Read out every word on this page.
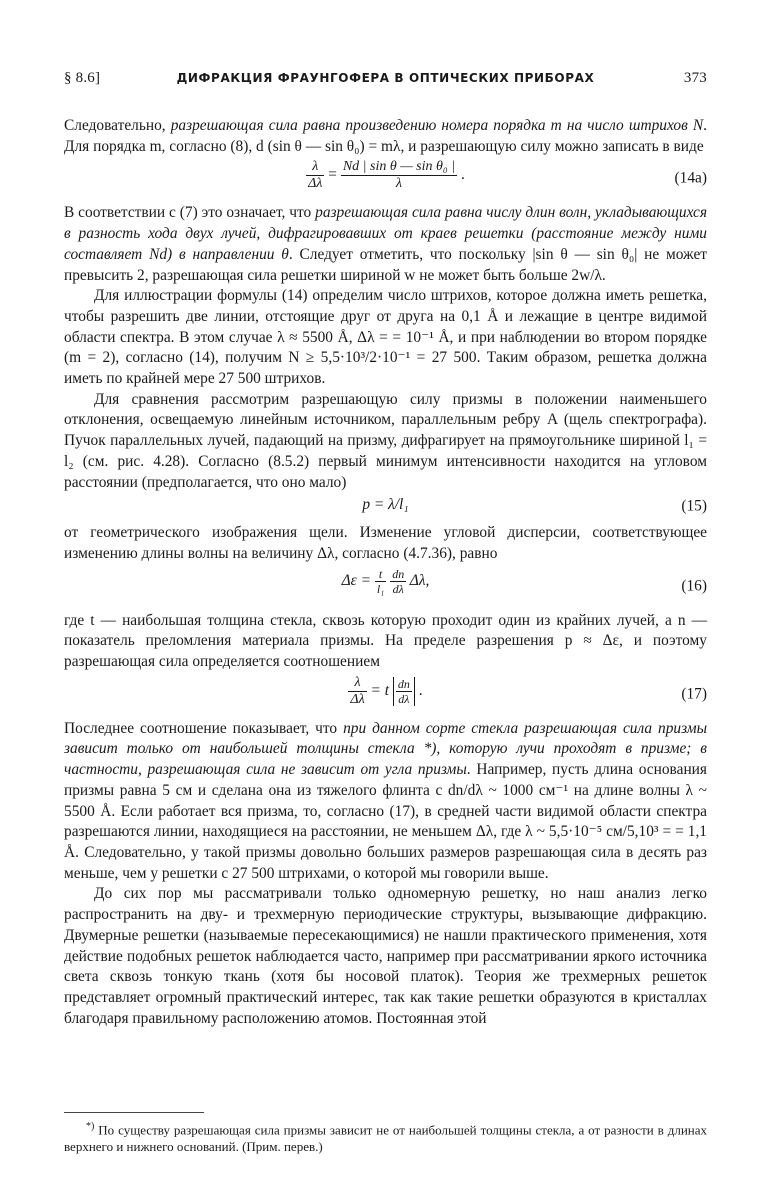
§ 8.6]	ДИФРАКЦИЯ ФРАУНГОФЕРА В ОПТИЧЕСКИХ ПРИБОРАХ	373

Следовательно, разрешающая сила равна произведению номера порядка m на число штрихов N. Для порядка m, согласно (8), d (sin θ — sin θ₀) = mλ, и разрешающую силу можно записать в виде

$\frac{\lambda}{\Delta\lambda} = \frac{\text{Nd | sin θ — sin θ₀ |}}{\lambda}$ .	(14a)

В соответствии с (7) это означает, что разрешающая сила равна числу длин волн, укладывающихся в разность хода двух лучей, дифрагировавших от краев решетки (расстояние между ними составляет Nd) в направлении θ. Следует отметить, что поскольку |sin θ — sin θ₀| не может превысить 2, разрешающая сила решетки шириной w не может быть больше 2w/λ.

Для иллюстрации формулы (14) определим число штрихов, которое должна иметь решетка, чтобы разрешить две линии, отстоящие друг от друга на 0,1 Å и лежащие в центре видимой области спектра. В этом случае λ ≈ 5500 Å, Δλ = = 10⁻¹ Å, и при наблюдении во втором порядке (m = 2), согласно (14), получим N ≥ 5,5·10³/2·10⁻¹ = 27 500. Таким образом, решетка должна иметь по крайней мере 27 500 штрихов.

Для сравнения рассмотрим разрешающую силу призмы в положении наименьшего отклонения, освещаемую линейным источником, параллельным ребру A (щель спектрографа). Пучок параллельных лучей, падающий на призму, дифрагирует на прямоугольнике шириной l₁ = l₂ (см. рис. 4.28). Согласно (8.5.2) первый минимум интенсивности находится на угловом расстоянии (предполагается, что оно мало)

p = λ/l₁	(15)

от геометрического изображения щели. Изменение угловой дисперсии, соответствующее изменению длины волны на величину Δλ, согласно (4.7.36), равно

$\Delta\varepsilon = \frac{t}{\text{l₁}}$
$\frac{dn}{d\lambda} \Delta\lambda$,	(16)

где t — наибольшая толщина стекла, сквозь которую проходит один из крайних лучей, а n — показатель преломления материала призмы. На пределе разрешения p ≈ Δε, и поэтому разрешающая сила определяется соотношением

$\frac{\lambda}{\Delta\lambda} = t \frac{dn}{d\lambda}$ .	(17)

Последнее соотношение показывает, что при данном сорте стекла разрешающая сила призмы зависит только от наибольшей толщины стекла *), которую лучи проходят в призме; в частности, разрешающая сила не зависит от угла призмы. Например, пусть длина основания призмы равна 5 см и сделана она из тяжелого флинта с dn/dλ ~ 1000 см⁻¹ на длине волны λ ~ 5500 Å. Если работает вся призма, то, согласно (17), в средней части видимой области спектра разрешаются линии, находящиеся на расстоянии, не меньшем Δλ, где λ ~ 5,5·10⁻⁵ см/5,10³ = = 1,1 Å. Следовательно, у такой призмы довольно больших размеров разрешающая сила в десять раз меньше, чем у решетки с 27 500 штрихами, о которой мы говорили выше.

До сих пор мы рассматривали только одномерную решетку, но наш анализ легко распространить на дву- и трехмерную периодические структуры, вызывающие дифракцию. Двумерные решетки (называемые пересекающимися) не нашли практического применения, хотя действие подобных решеток наблюдается часто, например при рассматривании яркого источника света сквозь тонкую ткань (хотя бы носовой платок). Теория же трехмерных решеток представляет огромный практический интерес, так как такие решетки образуются в кристаллах благодаря правильному расположению атомов. Постоянная этой

*) По существу разрешающая сила призмы зависит не от наибольшей толщины стекла, а от разности в длинах верхнего и нижнего оснований. (Прим. перев.)
